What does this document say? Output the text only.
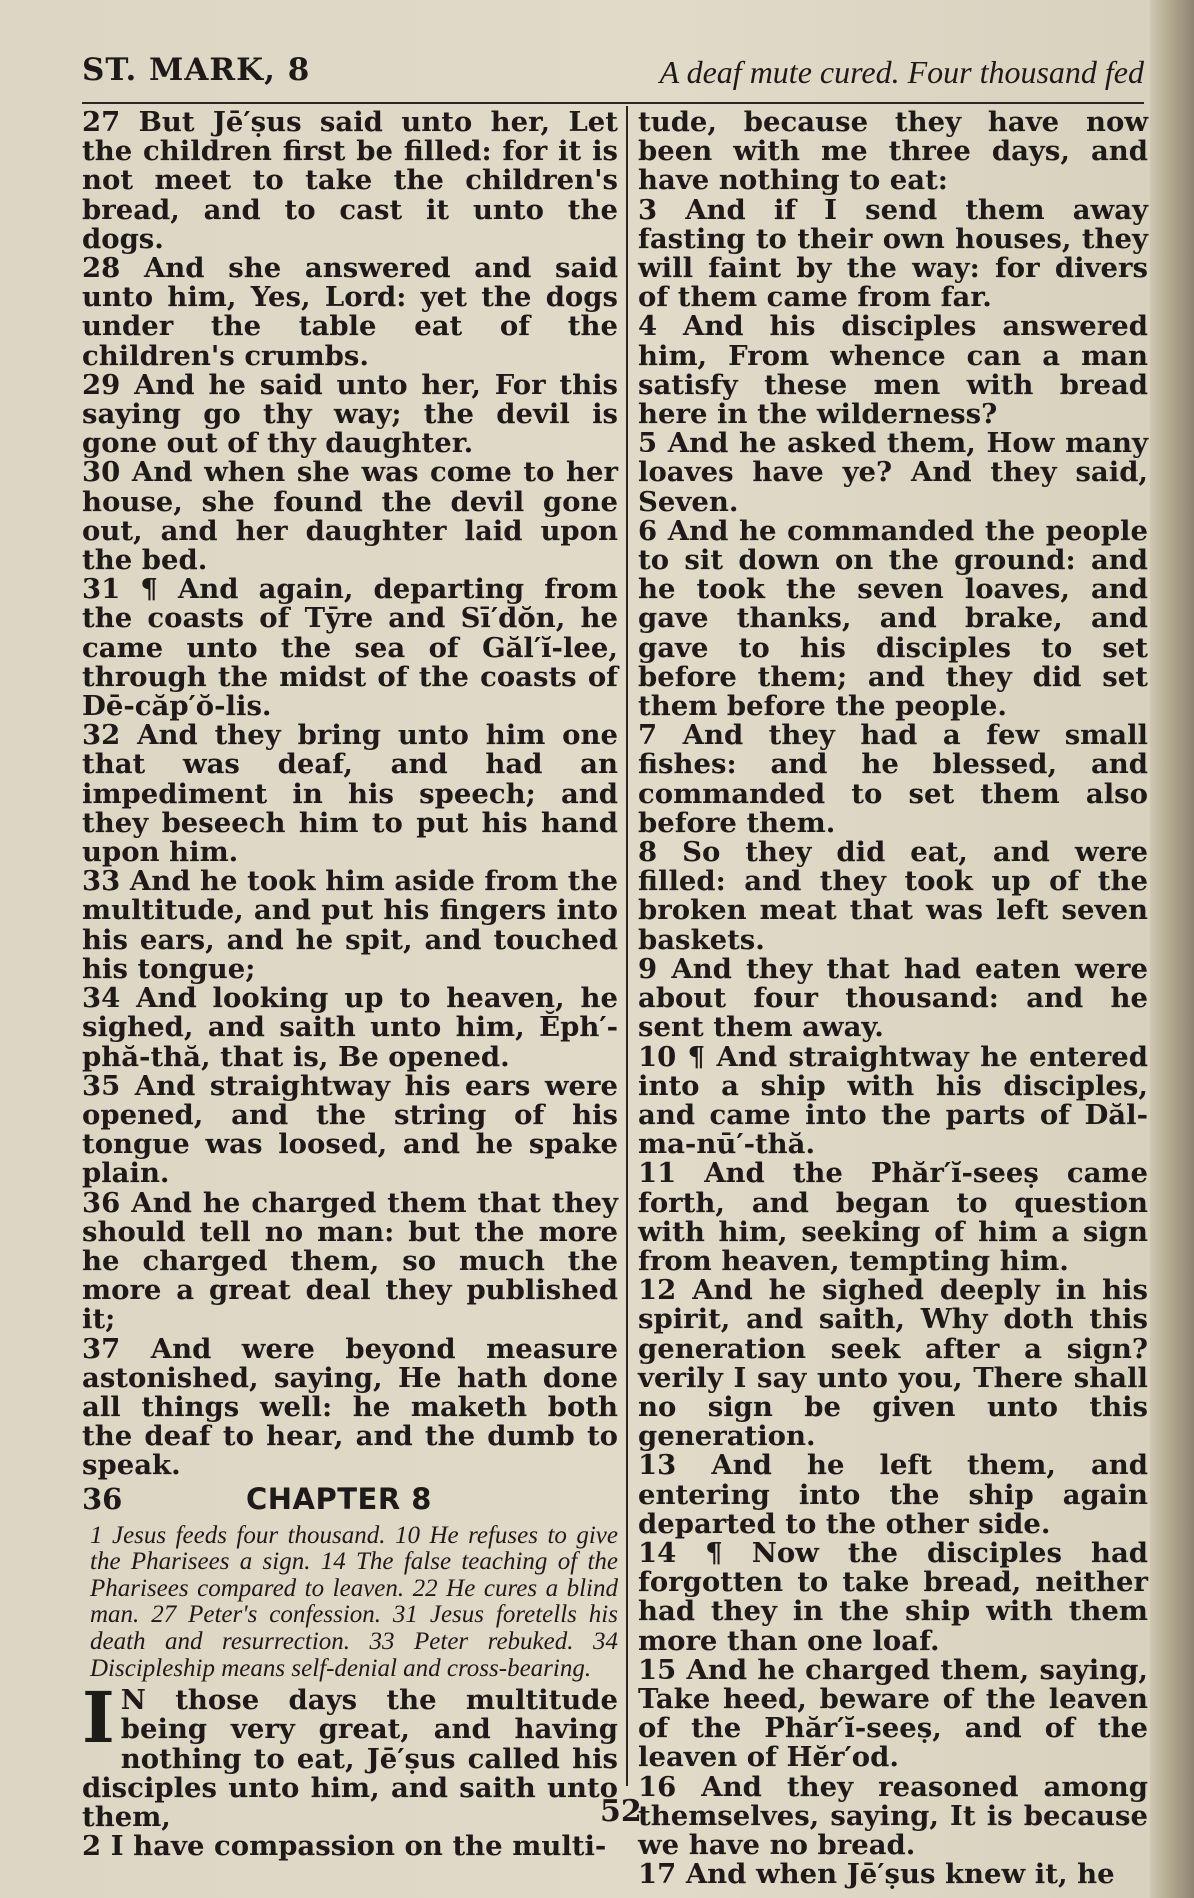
ST. MARK, 8	A deaf mute cured. Four thousand fed

27 But Jē′ṣus said unto her, Let the children first be filled: for it is not meet to take the children's bread, and to cast it unto the dogs.

28 And she answered and said unto him, Yes, Lord: yet the dogs under the table eat of the children's crumbs.

29 And he said unto her, For this saying go thy way; the devil is gone out of thy daughter.

30 And when she was come to her house, she found the devil gone out, and her daughter laid upon the bed.

31 ¶ And again, departing from the coasts of Tȳre and Sī′dŏn, he came unto the sea of Găl′ĭ-lee, through the midst of the coasts of Dē-căp′ŏ-lis.

32 And they bring unto him one that was deaf, and had an impediment in his speech; and they beseech him to put his hand upon him.

33 And he took him aside from the multitude, and put his fingers into his ears, and he spit, and touched his tongue;

34 And looking up to heaven, he sighed, and saith unto him, Ĕph′-phă-thă, that is, Be opened.

35 And straightway his ears were opened, and the string of his tongue was loosed, and he spake plain.

36 And he charged them that they should tell no man: but the more he charged them, so much the more a great deal they published it;

37 And were beyond measure astonished, saying, He hath done all things well: he maketh both the deaf to hear, and the dumb to speak.

36	CHAPTER 8

1 Jesus feeds four thousand. 10 He refuses to give the Pharisees a sign. 14 The false teaching of the Pharisees compared to leaven. 22 He cures a blind man. 27 Peter's confession. 31 Jesus foretells his death and resurrection. 33 Peter rebuked. 34 Discipleship means self-denial and cross-bearing.

I N those days the multitude being very great, and having nothing to eat, Jē′ṣus called his disciples unto him, and saith unto them,

2 I have compassion on the multi-

tude, because they have now been with me three days, and have nothing to eat:

3 And if I send them away fasting to their own houses, they will faint by the way: for divers of them came from far.

4 And his disciples answered him, From whence can a man satisfy these men with bread here in the wilderness?

5 And he asked them, How many loaves have ye? And they said, Seven.

6 And he commanded the people to sit down on the ground: and he took the seven loaves, and gave thanks, and brake, and gave to his disciples to set before them; and they did set them before the people.

7 And they had a few small fishes: and he blessed, and commanded to set them also before them.

8 So they did eat, and were filled: and they took up of the broken meat that was left seven baskets.

9 And they that had eaten were about four thousand: and he sent them away.

10 ¶ And straightway he entered into a ship with his disciples, and came into the parts of Dăl-ma-nū′-thă.

11 And the Phăr′ĭ-seeṣ came forth, and began to question with him, seeking of him a sign from heaven, tempting him.

12 And he sighed deeply in his spirit, and saith, Why doth this generation seek after a sign? verily I say unto you, There shall no sign be given unto this generation.

13 And he left them, and entering into the ship again departed to the other side.

14 ¶ Now the disciples had forgotten to take bread, neither had they in the ship with them more than one loaf.

15 And he charged them, saying, Take heed, beware of the leaven of the Phăr′ĭ-seeṣ, and of the leaven of Hĕr′od.

16 And they reasoned among themselves, saying, It is because we have no bread.

17 And when Jē′ṣus knew it, he

52
